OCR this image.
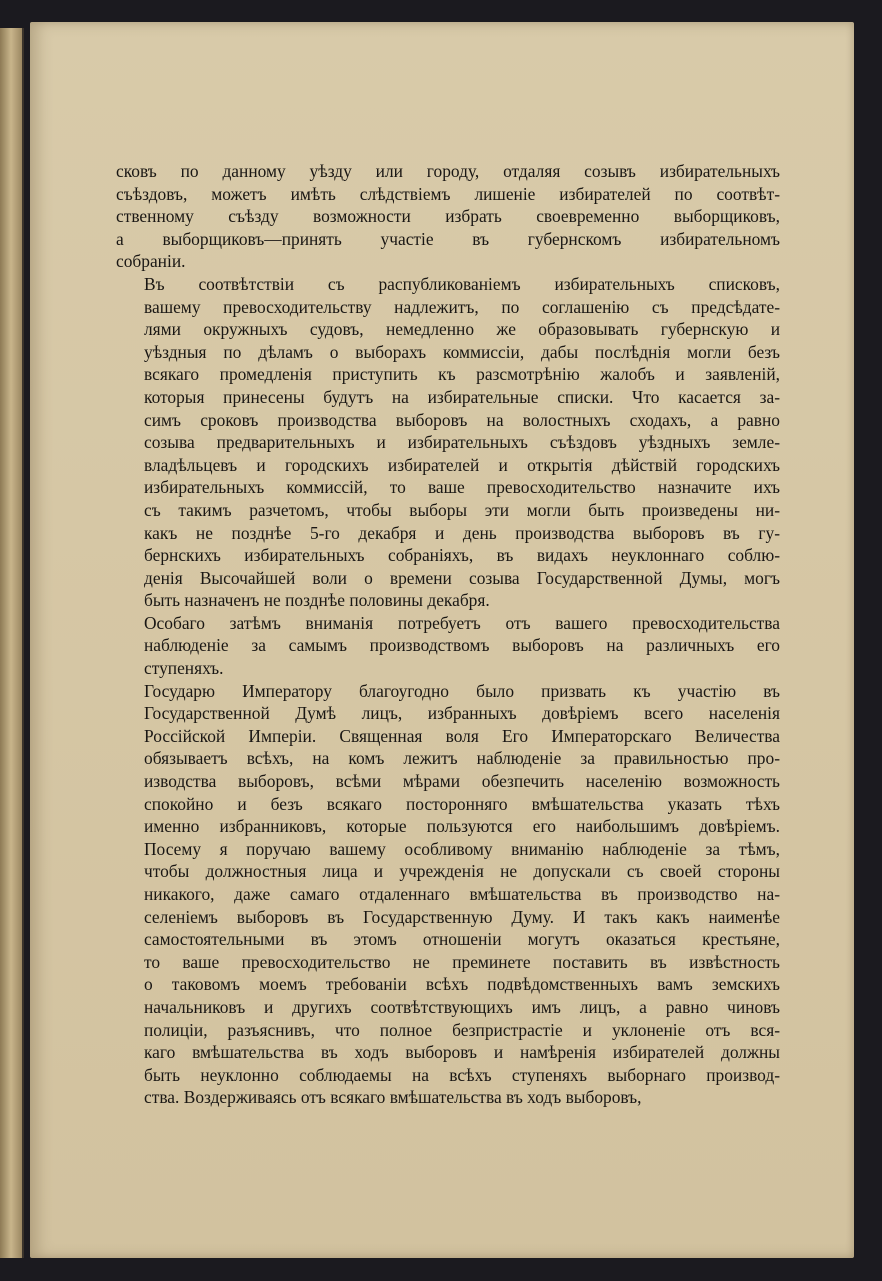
сковъ по данному уѣзду или городу, отдаляя созывъ избирательныхъ
съѣздовъ, можетъ имѣть слѣдствіемъ лишеніе избирателей по соотвѣт-
ственному съѣзду возможности избрать своевременно выборщиковъ,
а выборщиковъ—принять участіе въ губернскомъ избирательномъ
собраніи.
Въ соотвѣтствіи съ распубликованіемъ избирательныхъ списковъ,
вашему превосходительству надлежитъ, по соглашенію съ предсѣдате-
лями окружныхъ судовъ, немедленно же образовывать губернскую и
уѣздныя по дѣламъ о выборахъ коммиссіи, дабы послѣднія могли безъ
всякаго промедленія приступить къ разсмотрѣнію жалобъ и заявленій,
которыя принесены будутъ на избирательные списки. Что касается за-
симъ сроковъ производства выборовъ на волостныхъ сходахъ, а равно
созыва предварительныхъ и избирательныхъ съѣздовъ уѣздныхъ земле-
владѣльцевъ и городскихъ избирателей и открытія дѣйствій городскихъ
избирательныхъ коммиссій, то ваше превосходительство назначите ихъ
съ такимъ разчетомъ, чтобы выборы эти могли быть произведены ни-
какъ не позднѣе 5-го декабря и день производства выборовъ въ гу-
бернскихъ избирательныхъ собраніяхъ, въ видахъ неуклоннаго соблю-
денія Высочайшей воли о времени созыва Государственной Думы, могъ
быть назначенъ не позднѣе половины декабря.
Особаго затѣмъ вниманія потребуетъ отъ вашего превосходительства
наблюденіе за самымъ производствомъ выборовъ на различныхъ его
ступеняхъ.
Государю Императору благоугодно было призвать къ участію въ
Государственной Думѣ лицъ, избранныхъ довѣріемъ всего населенія
Россійской Имперіи. Священная воля Его Императорскаго Величества
обязываетъ всѣхъ, на комъ лежитъ наблюденіе за правильностью про-
изводства выборовъ, всѣми мѣрами обезпечить населенію возможность
спокойно и безъ всякаго посторонняго вмѣшательства указать тѣхъ
именно избранниковъ, которые пользуются его наибольшимъ довѣріемъ.
Посему я поручаю вашему особливому вниманію наблюденіе за тѣмъ,
чтобы должностныя лица и учрежденія не допускали съ своей стороны
никакого, даже самаго отдаленнаго вмѣшательства въ производство на-
селеніемъ выборовъ въ Государственную Думу. И такъ какъ наименѣе
самостоятельными въ этомъ отношеніи могутъ оказаться крестьяне,
то ваше превосходительство не преминете поставить въ извѣстность
о таковомъ моемъ требованіи всѣхъ подвѣдомственныхъ вамъ земскихъ
начальниковъ и другихъ соотвѣтствующихъ имъ лицъ, а равно чиновъ
полиціи, разъяснивъ, что полное безпристрастіе и уклоненіе отъ вся-
каго вмѣшательства въ ходъ выборовъ и намѣренія избирателей должны
быть неуклонно соблюдаемы на всѣхъ ступеняхъ выборнаго производ-
ства. Воздерживаясь отъ всякаго вмѣшательства въ ходъ выборовъ,
